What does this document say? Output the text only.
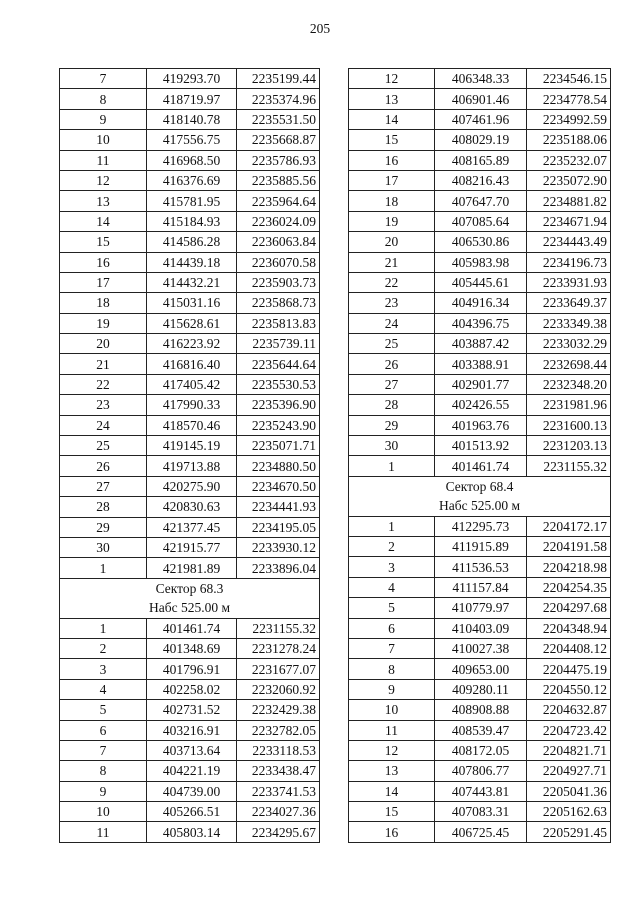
205
7	419293.70	2235199.44
8	418719.97	2235374.96
9	418140.78	2235531.50
10	417556.75	2235668.87
11	416968.50	2235786.93
12	416376.69	2235885.56
13	415781.95	2235964.64
14	415184.93	2236024.09
15	414586.28	2236063.84
16	414439.18	2236070.58
17	414432.21	2235903.73
18	415031.16	2235868.73
19	415628.61	2235813.83
20	416223.92	2235739.11
21	416816.40	2235644.64
22	417405.42	2235530.53
23	417990.33	2235396.90
24	418570.46	2235243.90
25	419145.19	2235071.71
26	419713.88	2234880.50
27	420275.90	2234670.50
28	420830.63	2234441.93
29	421377.45	2234195.05
30	421915.77	2233930.12
1	421981.89	2233896.04

Сектор 68.3
Набс 525.00 м		

1	401461.74	2231155.32
2	401348.69	2231278.24
3	401796.91	2231677.07
4	402258.02	2232060.92
5	402731.52	2232429.38
6	403216.91	2232782.05
7	403713.64	2233118.53
8	404221.19	2233438.47
9	404739.00	2233741.53
10	405266.51	2234027.36
11	405803.14	2234295.67
12	406348.33	2234546.15
13	406901.46	2234778.54
14	407461.96	2234992.59
15	408029.19	2235188.06
16	408165.89	2235232.07
17	408216.43	2235072.90
18	407647.70	2234881.82
19	407085.64	2234671.94
20	406530.86	2234443.49
21	405983.98	2234196.73
22	405445.61	2233931.93
23	404916.34	2233649.37
24	404396.75	2233349.38
25	403887.42	2233032.29
26	403388.91	2232698.44
27	402901.77	2232348.20
28	402426.55	2231981.96
29	401963.76	2231600.13
30	401513.92	2231203.13
1	401461.74	2231155.32

Сектор 68.4
Набс 525.00 м		

1	412295.73	2204172.17
2	411915.89	2204191.58
3	411536.53	2204218.98
4	411157.84	2204254.35
5	410779.97	2204297.68
6	410403.09	2204348.94
7	410027.38	2204408.12
8	409653.00	2204475.19
9	409280.11	2204550.12
10	408908.88	2204632.87
11	408539.47	2204723.42
12	408172.05	2204821.71
13	407806.77	2204927.71
14	407443.81	2205041.36
15	407083.31	2205162.63
16	406725.45	2205291.45
